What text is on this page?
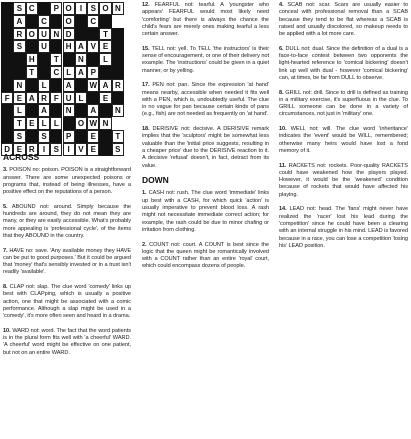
S C	P O	I	S O N
A	C	O	C
R O U N D	T
S	U	H A V E
H	T	N	L
T	C L A P
N	L	A	W A R
F E A R F U L	E
L	A	N	A	N
T E L L	O W N
S	S	P	E	T
D E R	I	S	I	V E	S
ACROSS

3. POISON no: poison. POISON is a straightforward answer. There are some unexpected poisons or programs that, instead of being illnesses, have a positive effect on the reputations of a person.

5. ABOUND not: around. Simply because the hundreds are around, they do not mean they are many, or they are easily accessible. What's probably more appealing is 'professional cycle', of the items that they ABOUND in the country.

7. HAVE no: save. 'Any available money they HAVE can be put to good purposes.' But it could be argued that 'money' that's sensibly invested or in a trust isn't readily 'available'.

8. CLAP not: slap. The clue word 'comedy' links up best with CLAPping, which is usually a positive action, one that might be associated with a comic performance. Although a slap might be used in a 'comedy', it's more often seen and heard in a drama.

10. WARD not: word. The fact that the word patients is in the plural form fits well with 'a cheerful' WARD. 'A cheerful' word might be effective on one patient, but not on an entire WARD.

12. FEARFUL not: tearful. A 'youngster who appears' FEARFUL would most likely need 'comforting' but there is always the chance the child's fears are merely ones making tearful a less certain answer.

15. TELL not: yell. To TELL 'the instructors' is their sense of encouragement, or one of their delivery not example. The 'instructions' could be given in a quiet manner, or by yelling.

17. PEN not: pan. Since the expression 'at hand' means nearby, accessible when needed it fits well with a PEN, which is, undoubtedly useful. The clue in no vague for pan because certain kinds of pans (e.g., fish) are not needed as frequently on 'at hand'.

18. DERISIVE not: decisive. A DERISIVE remark implies that the 'sculptors' might be somewhat less valuable than the 'initial price suggests, resulting in a cheaper price' due to the DERISIVE reaction to it. A decisive 'refusal' doesn't, in fact, detract from its value.

DOWN

1. CASH not: rush. The clue word 'immediate' links up best with a CASH, for which quick 'action' is usually imperative to prevent blood loss. A rash might not necessitate immediate correct action; for example, the rash could be due to minor chafing or irritation from clothing.

2. COUNT not: court. A COUNT is best since the logic that the queen might be romantically involved with a COUNT rather than an entire 'royal' court, which could encompass dozens of people.

4. SCAB not: scar. Scars are usually easier to conceal with professional removal than a SCAB because they tend to be flat whereas a SCAB is raised and usually discolored, so makeup needs to be applied with a lot more care.

6. DULL not: dual. Since the definition of a dual is a face-to-face contest between two opponents the light-hearted reference to 'comical bickering' doesn't link up well with dual - however 'comical bickering' can, at times, be far from DULL to observe.

8. GRILL not: drill. Since to drill is defined as training in a military exercise, it's superfluous in the clue. To GRILL someone can be done in a variety of circumstances, not just in 'military' one.

10. WELL not: will. The clue word 'inheritance' indicates the 'event' would be WILL, remembered; otherwise many heirs would have lost a fond memory of it.

11. RACKETS not: rockets. Poor-quality RACKETS could have weakened how the players played. However, it would be the 'weakened' condition because of rockets that would have affected his playing.

14. LEAD not: head. The 'fans' might never have realized the 'racer' lost his lead during the 'competition' since he could have been a clearing with an internal struggle in his mind. LEAD is favored because in a race, you can lose a competition 'losing his' LEAD position.
